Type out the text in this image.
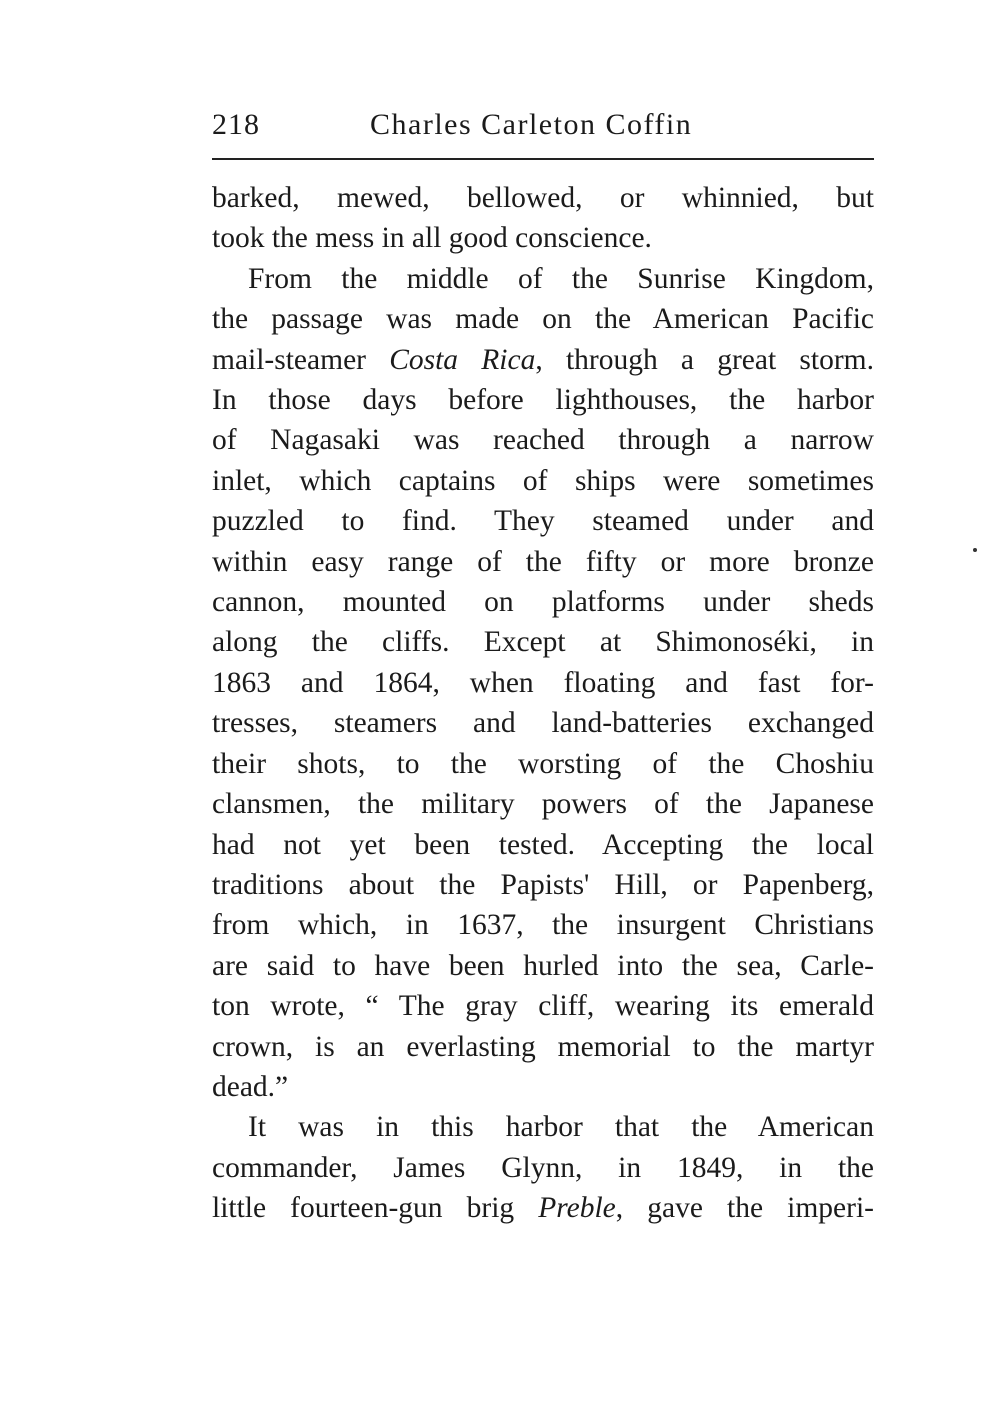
218	Charles Carleton Coffin
barked, mewed, bellowed, or whinnied, but
took the mess in all good conscience.
From the middle of the Sunrise Kingdom,
the passage was made on the American Pacific
mail-steamer Costa Rica, through a great storm.
In those days before lighthouses, the harbor
of Nagasaki was reached through a narrow
inlet, which captains of ships were sometimes
puzzled to find. They steamed under and
within easy range of the fifty or more bronze
cannon, mounted on platforms under sheds
along the cliffs. Except at Shimonoséki, in
1863 and 1864, when floating and fast for-
tresses, steamers and land-batteries exchanged
their shots, to the worsting of the Choshiu
clansmen, the military powers of the Japanese
had not yet been tested. Accepting the local
traditions about the Papists' Hill, or Papenberg,
from which, in 1637, the insurgent Christians
are said to have been hurled into the sea, Carle-
ton wrote, “ The gray cliff, wearing its emerald
crown, is an everlasting memorial to the martyr
dead.”
It was in this harbor that the American
commander, James Glynn, in 1849, in the
little fourteen-gun brig Preble, gave the imperi-
